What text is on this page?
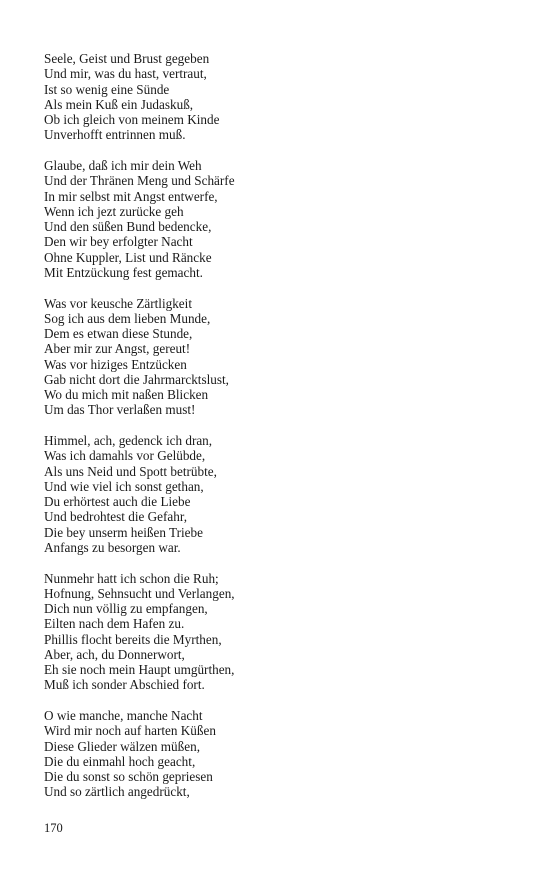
Seele, Geist und Brust gegeben
Und mir, was du hast, vertraut,
Ist so wenig eine Sünde
Als mein Kuß ein Judaskuß,
Ob ich gleich von meinem Kinde
Unverhofft entrinnen muß.
Glaube, daß ich mir dein Weh
Und der Thränen Meng und Schärfe
In mir selbst mit Angst entwerfe,
Wenn ich jezt zurücke geh
Und den süßen Bund bedencke,
Den wir bey erfolgter Nacht
Ohne Kuppler, List und Räncke
Mit Entzückung fest gemacht.
Was vor keusche Zärtligkeit
Sog ich aus dem lieben Munde,
Dem es etwan diese Stunde,
Aber mir zur Angst, gereut!
Was vor hiziges Entzücken
Gab nicht dort die Jahrmarcktslust,
Wo du mich mit naßen Blicken
Um das Thor verlaßen must!
Himmel, ach, gedenck ich dran,
Was ich damahls vor Gelübde,
Als uns Neid und Spott betrübte,
Und wie viel ich sonst gethan,
Du erhörtest auch die Liebe
Und bedrohtest die Gefahr,
Die bey unserm heißen Triebe
Anfangs zu besorgen war.
Nunmehr hatt ich schon die Ruh;
Hofnung, Sehnsucht und Verlangen,
Dich nun völlig zu empfangen,
Eilten nach dem Hafen zu.
Phillis flocht bereits die Myrthen,
Aber, ach, du Donnerwort,
Eh sie noch mein Haupt umgürthen,
Muß ich sonder Abschied fort.
O wie manche, manche Nacht
Wird mir noch auf harten Küßen
Diese Glieder wälzen müßen,
Die du einmahl hoch geacht,
Die du sonst so schön gepriesen
Und so zärtlich angedrückt,
170
